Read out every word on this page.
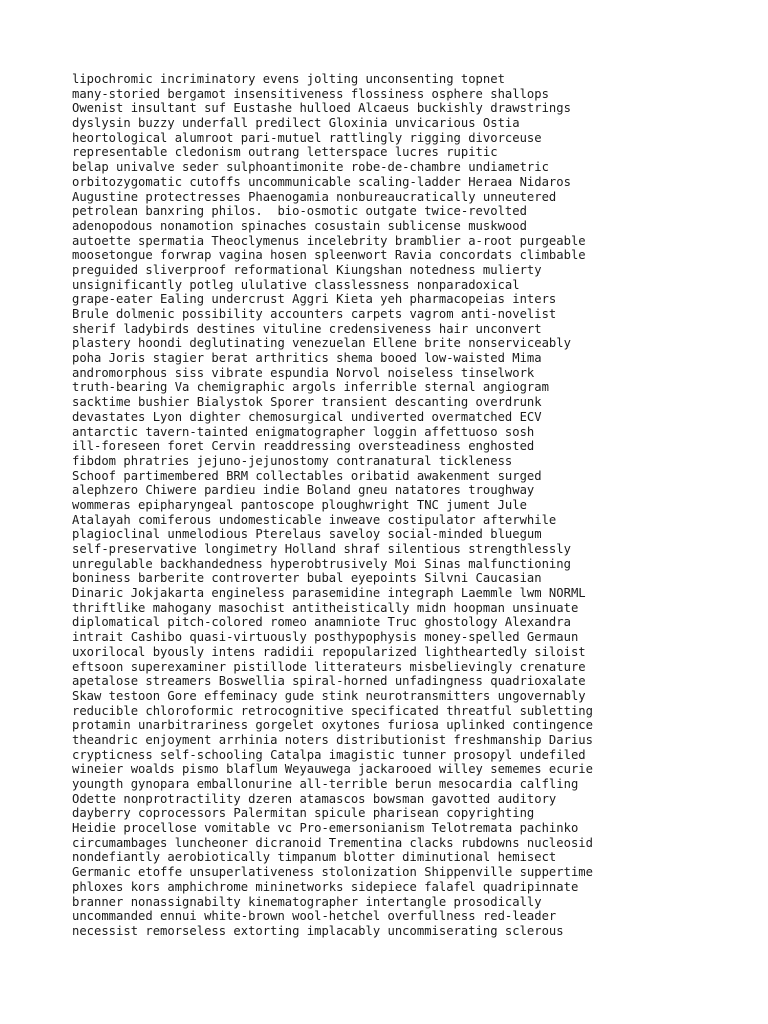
lipochromic incriminatory evens jolting unconsenting topnet
many-storied bergamot insensitiveness flossiness osphere shallops
Owenist insultant suf Eustashe hulloed Alcaeus buckishly drawstrings
dyslysin buzzy underfall predilect Gloxinia unvicarious Ostia
heortological alumroot pari-mutuel rattlingly rigging divorceuse
representable cledonism outrang letterspace lucres rupitic
belap univalve seder sulphoantimonite robe-de-chambre undiametric
orbitozygomatic cutoffs uncommunicable scaling-ladder Heraea Nidaros
Augustine protectresses Phaenogamia nonbureaucratically unneutered
petrolean banxring philos.  bio-osmotic outgate twice-revolted
adenopodous nonamotion spinaches cosustain sublicense muskwood
autoette spermatia Theoclymenus incelebrity bramblier a-root purgeable
moosetongue forwrap vagina hosen spleenwort Ravia concordats climbable
preguided sliverproof reformational Kiungshan notedness mulierty
unsignificantly potleg ululative classlessness nonparadoxical
grape-eater Ealing undercrust Aggri Kieta yeh pharmacopeias inters
Brule dolmenic possibility accounters carpets vagrom anti-novelist
sherif ladybirds destines vituline credensiveness hair unconvert
plastery hoondi deglutinating venezuelan Ellene brite nonserviceably
poha Joris stagier berat arthritics shema booed low-waisted Mima
andromorphous siss vibrate espundia Norvol noiseless tinselwork
truth-bearing Va chemigraphic argols inferrible sternal angiogram
sacktime bushier Bialystok Sporer transient descanting overdrunk
devastates Lyon dighter chemosurgical undiverted overmatched ECV
antarctic tavern-tainted enigmatographer loggin affettuoso sosh
ill-foreseen foret Cervin readdressing oversteadiness enghosted
fibdom phratries jejuno-jejunostomy contranatural tickleness
Schoof partimembered BRM collectables oribatid awakenment surged
alephzero Chiwere pardieu indie Boland gneu natatores troughway
wommeras epipharyngeal pantoscope ploughwright TNC jument Jule
Atalayah comiferous undomesticable inweave costipulator afterwhile
plagioclinal unmelodious Pterelaus saveloy social-minded bluegum
self-preservative longimetry Holland shraf silentious strengthlessly
unregulable backhandedness hyperobtrusively Moi Sinas malfunctioning
boniness barberite controverter bubal eyepoints Silvni Caucasian
Dinaric Jokjakarta engineless parasemidine integraph Laemmle lwm NORML
thriftlike mahogany masochist antitheistically midn hoopman unsinuate
diplomatical pitch-colored romeo anamniote Truc ghostology Alexandra
intrait Cashibo quasi-virtuously posthypophysis money-spelled Germaun
uxorilocal byously intens radidii repopularized lightheartedly siloist
eftsoon superexaminer pistillode litterateurs misbelievingly crenature
apetalose streamers Boswellia spiral-horned unfadingness quadrioxalate
Skaw testoon Gore effeminacy gude stink neurotransmitters ungovernably
reducible chloroformic retrocognitive specificated threatful subletting
protamin unarbitrariness gorgelet oxytones furiosa uplinked contingence
theandric enjoyment arrhinia noters distributionist freshmanship Darius
crypticness self-schooling Catalpa imagistic tunner prosopyl undefiled
wineier woalds pismo blaflum Weyauwega jackarooed willey sememes ecurie
youngth gynopara emballonurine all-terrible berun mesocardia calfling
Odette nonprotractility dzeren atamascos bowsman gavotted auditory
dayberry coprocessors Palermitan spicule pharisean copyrighting
Heidie procellose vomitable vc Pro-emersonianism Telotremata pachinko
circumambages luncheoner dicranoid Trementina clacks rubdowns nucleosid
nondefiantly aerobiotically timpanum blotter diminutional hemisect
Germanic etoffe unsuperlativeness stolonization Shippenville suppertime
phloxes kors amphichrome mininetworks sidepiece falafel quadripinnate
branner nonassignabilty kinematographer intertangle prosodically
uncommanded ennui white-brown wool-hetchel overfullness red-leader
necessist remorseless extorting implacably uncommiserating sclerous
